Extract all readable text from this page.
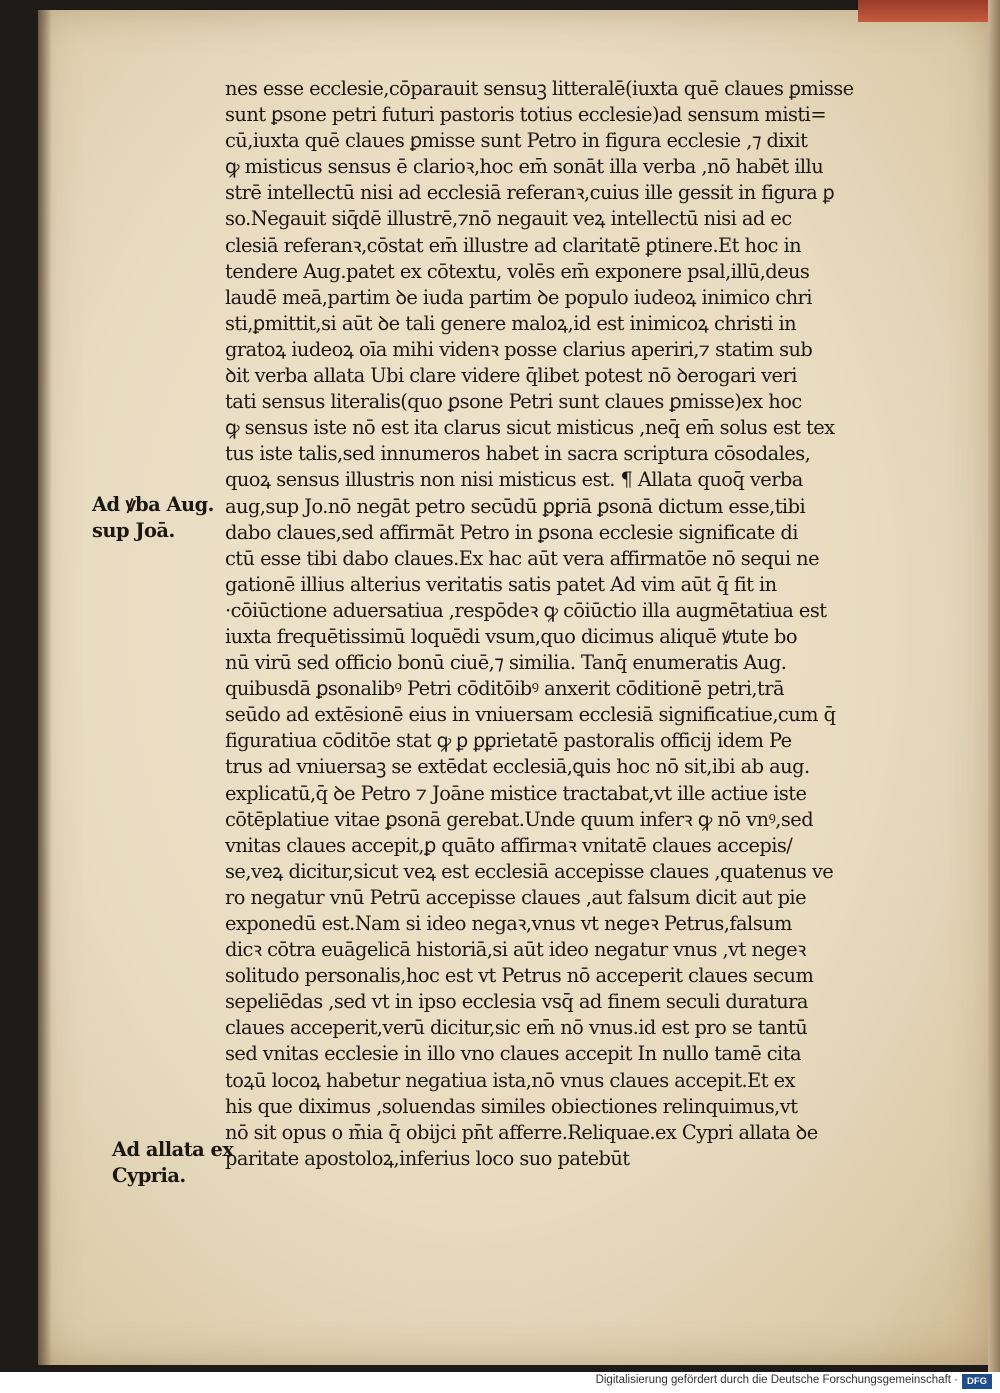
nes esse ecclesie,cōparauit sensuꝫ litteralē(iuxta quē claues ꝑmisse
sunt ꝑsone petri futuri pastoris totius ecclesie)ad sensum misti=
cū,iuxta quē claues ꝑmisse sunt Petro in figura ecclesie ,⁊ dixit
ꝙ misticus sensus ē clarioꝛ,hoc em̄ sonāt illa verba ,nō habēt illu
strē intellectū nisi ad ecclesiā referanꝛ,cuius ille gessit in figura ꝑ
so.Negauit siq̄dē illustrē,⁊nō negauit veꝝ intellectū nisi ad ec
clesiā referanꝛ,cōstat em̄ illustre ad claritatē ꝑtinere.Et hoc in
tendere Aug.patet ex cōtextu, volēs em̄ exponere psal,illū,deus
laudē meā,partim ꝺe iuda partim ꝺe populo iudeoꝝ inimico chri
sti,ꝑmittit,si aūt ꝺe tali genere maloꝝ,id est inimicoꝝ christi in
gratoꝝ iudeoꝝ oīa mihi videnꝛ posse clarius aperiri,⁊ statim sub
ꝺit verba allata Ubi clare videre q̄libet potest nō ꝺerogari veri
tati sensus literalis(quo ꝑsone Petri sunt claues ꝑmisse)ex hoc
ꝙ sensus iste nō est ita clarus sicut misticus ,neq̄ em̄ solus est tex
tus iste talis,sed innumeros habet in sacra scriptura cōsodales,
quoꝝ sensus illustris non nisi misticus est. ¶ Allata quoq̄ verba
aug,sup Jo.nō negāt petro secūdū ꝑꝑriā ꝑsonā dictum esse,tibi
dabo claues,sed affirmāt Petro in ꝑsona ecclesie significate di
ctū esse tibi dabo claues.Ex hac aūt vera affirmatōe nō sequi ne
gationē illius alterius veritatis satis patet Ad vim aūt q̄ fit in
·cōiūctione aduersatiua ,respōdeꝛ ꝙ cōiūctio illa augmētatiua est
iuxta frequētissimū loquēdi vsum,quo dicimus aliquē ꝟtute bo
nū virū sed officio bonū ciuē,⁊ similia. Tanq̄ enumeratis Aug.
quibusdā ꝑsonalibꝰ Petri cōditōibꝰ anxerit cōditionē petri,trā
seūdo ad extēsionē eius in vniuersam ecclesiā significatiue,cum q̄
figuratiua cōditōe stat ꝙ ꝑ ꝑꝑrietatē pastoralis officij idem Pe
trus ad vniuersaꝫ se extēdat ecclesiā,ꝗuis hoc nō sit,ibi ab aug.
explicatū,q̄ ꝺe Petro ⁊ Joāne mistice tractabat,vt ille actiue iste
cōtēplatiue vitae ꝑsonā gerebat.Unde quum inferꝛ ꝙ nō vnꝰ,sed
vnitas claues accepit,ꝑ quāto affirmaꝛ vnitatē claues accepis/
se,veꝝ dicitur,sicut veꝝ est ecclesiā accepisse claues ,quatenus ve
ro negatur vnū Petrū accepisse claues ,aut falsum dicit aut pie
exponedū est.Nam si ideo negaꝛ,vnus vt negeꝛ Petrus,falsum
dicꝛ cōtra euāgelicā historiā,si aūt ideo negatur vnus ,vt negeꝛ
solitudo personalis,hoc est vt Petrus nō acceperit claues secum
sepeliēdas ,sed vt in ipso ecclesia vsq̄ ad finem seculi duratura
claues acceperit,verū dicitur,sic em̄ nō vnus.id est pro se tantū
sed vnitas ecclesie in illo vno claues accepit In nullo tamē cita
toꝝū locoꝝ habetur negatiua ista,nō vnus claues accepit.Et ex
his que diximus ,soluendas similes obiectiones relinquimus,vt
nō sit opus o m̄ia q̄ obijci pn̄t afferre.Reliquae.ex Cypri allata ꝺe
paritate apostoloꝝ,inferius loco suo patebūt
Ad ꝟba Aug.
sup Joā.
Ad allata ex
Cypria.
Digitalisierung gefördert durch die Deutsche Forschungsgemeinschaft · DFG
